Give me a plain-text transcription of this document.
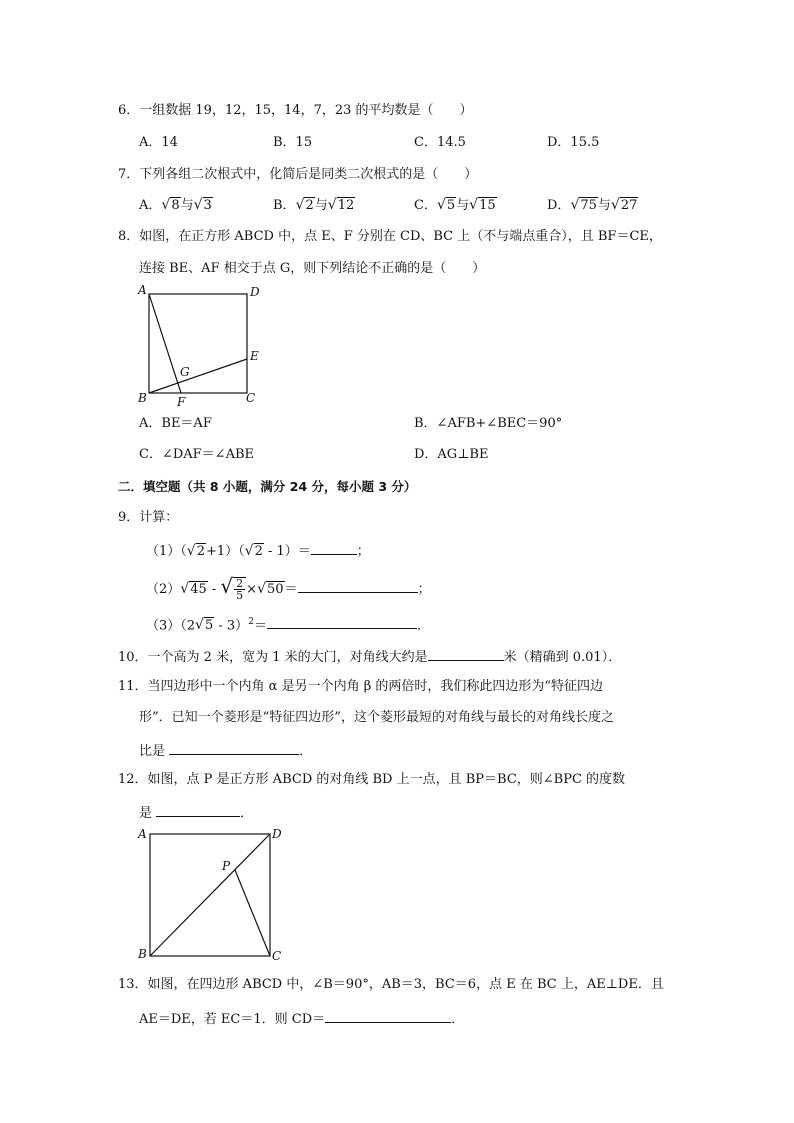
6．一组数据 19，12，15，14，7，23 的平均数是（　　）
A．14	B．15	C．14.5	D．15.5
7．下列各组二次根式中，化简后是同类二次根式的是（　　）
A．√8与√3	B．√2与√12	C．√5与√15	D．√75与√27
8．如图，在正方形 ABCD 中，点 E、F 分别在 CD、BC 上（不与端点重合），且 BF＝CE，
连接 BE、AF 相交于点 G，则下列结论不正确的是（　　）
A	D
E
G
B	F	C
A．BE＝AF	B．∠AFB+∠BEC＝90°
C．∠DAF＝∠ABE	D．AG⊥BE
二．填空题（共 8 小题，满分 24 分，每小题 3 分）
9．计算：
（1）（√2+1）（√2 - 1）＝	；
（2）√45 - √ $\frac{2}{5} \times√50=$	；
（3）（2√5 - 3）$^2$＝	．
10．一个高为 2 米，宽为 1 米的大门，对角线大约是	米（精确到 0.01）．
11．当四边形中一个内角 α 是另一个内角 β 的两倍时，我们称此四边形为“特征四边
形”．已知一个菱形是“特征四边形”，这个菱形最短的对角线与最长的对角线长度之
比是	．
12．如图，点 P 是正方形 ABCD 的对角线 BD 上一点，且 BP＝BC，则∠BPC 的度数
是	．
A	D
P
B	C
13．如图，在四边形 ABCD 中，∠B＝90°，AB＝3，BC＝6，点 E 在 BC 上，AE⊥DE．且
AE＝DE，若 EC＝1．则 CD＝	．
